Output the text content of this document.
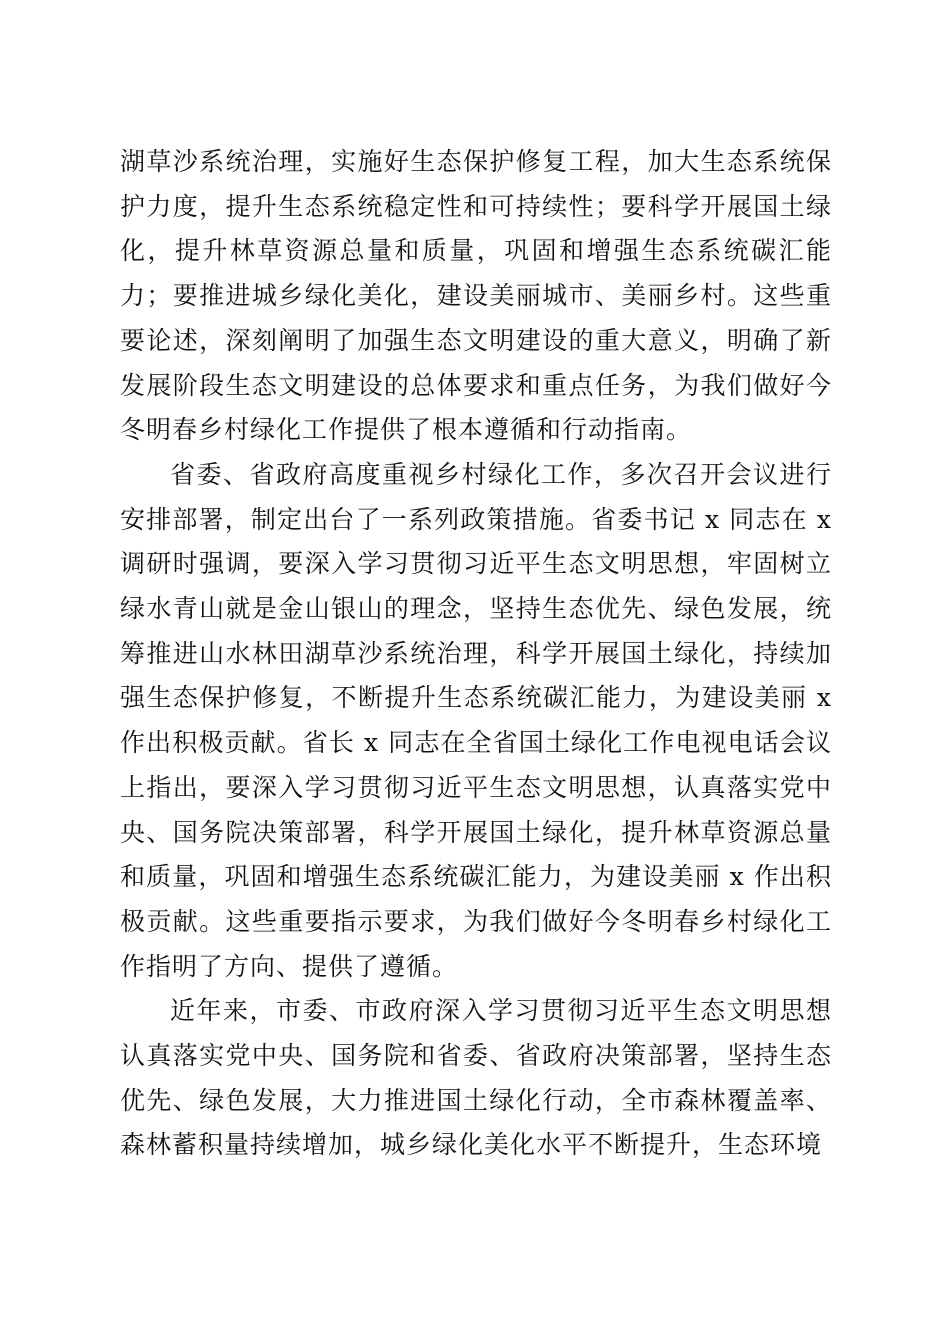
湖草沙系统治理，实施好生态保护修复工程，加大生态系统保护力度，提升生态系统稳定性和可持续性；要科学开展国土绿化，提升林草资源总量和质量，巩固和增强生态系统碳汇能力；要推进城乡绿化美化，建设美丽城市、美丽乡村。这些重要论述，深刻阐明了加强生态文明建设的重大意义，明确了新发展阶段生态文明建设的总体要求和重点任务，为我们做好今冬明春乡村绿化工作提供了根本遵循和行动指南。

省委、省政府高度重视乡村绿化工作，多次召开会议进行安排部署，制定出台了一系列政策措施。省委书记 x 同志在 x 调研时强调，要深入学习贯彻习近平生态文明思想，牢固树立绿水青山就是金山银山的理念，坚持生态优先、绿色发展，统筹推进山水林田湖草沙系统治理，科学开展国土绿化，持续加强生态保护修复，不断提升生态系统碳汇能力，为建设美丽 x 作出积极贡献。省长 x 同志在全省国土绿化工作电视电话会议上指出，要深入学习贯彻习近平生态文明思想，认真落实党中央、国务院决策部署，科学开展国土绿化，提升林草资源总量和质量，巩固和增强生态系统碳汇能力，为建设美丽 x 作出积极贡献。这些重要指示要求，为我们做好今冬明春乡村绿化工作指明了方向、提供了遵循。

近年来，市委、市政府深入学习贯彻习近平生态文明思想认真落实党中央、国务院和省委、省政府决策部署，坚持生态优先、绿色发展，大力推进国土绿化行动，全市森林覆盖率、森林蓄积量持续增加，城乡绿化美化水平不断提升，生态环境
